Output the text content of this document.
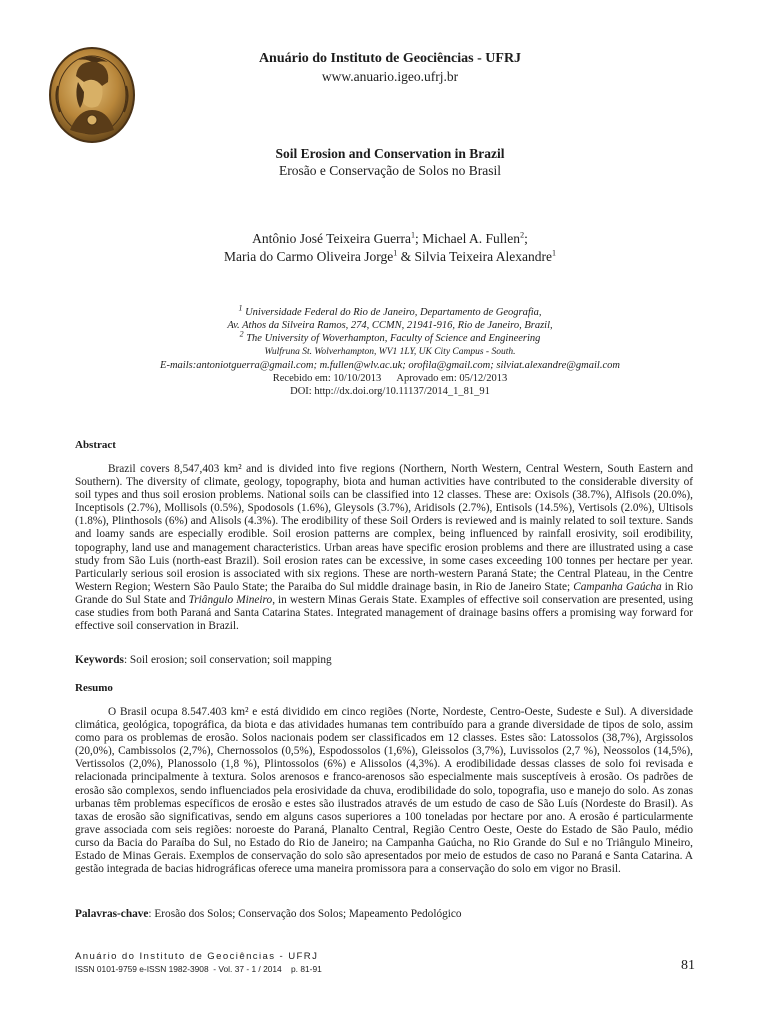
Anuário do Instituto de Geociências - UFRJ
www.anuario.igeo.ufrj.br
Soil Erosion and Conservation in Brazil
Erosão e Conservação de Solos no Brasil
Antônio José Teixeira Guerra$^1$; Michael A. Fullen$^2$;
Maria do Carmo Oliveira Jorge$^1$ & Silvia Teixeira Alexandre$^1$
$^1$ Universidade Federal do Rio de Janeiro, Departamento de Geografia,
Av. Athos da Silveira Ramos, 274, CCMN, 21941-916, Rio de Janeiro, Brazil,
$^2$ The University of Woverhampton, Faculty of Science and Engineering
Wulfruna St. Wolverhampton, WV1 1LY, UK City Campus - South.
E-mails:antoniotguerra@gmail.com; m.fullen@wlv.ac.uk; orofila@gmail.com; silviat.alexandre@gmail.com
Recebido em: 10/10/2013      Aprovado em: 05/12/2013
DOI: http://dx.doi.org/10.11137/2014_1_81_91
Abstract
Brazil covers 8,547,403 km² and is divided into five regions (Northern, North Western, Central Western, South Eastern and Southern). The diversity of climate, geology, topography, biota and human activities have contributed to the considerable diversity of soil types and thus soil erosion problems. National soils can be classified into 12 classes. These are: Oxisols (38.7%), Alfisols (20.0%), Inceptisols (2.7%), Mollisols (0.5%), Spodosols (1.6%), Gleysols (3.7%), Aridisols (2.7%), Entisols (14.5%), Vertisols (2.0%), Ultisols (1.8%), Plinthosols (6%) and Alisols (4.3%). The erodibility of these Soil Orders is reviewed and is mainly related to soil texture. Sands and loamy sands are especially erodible. Soil erosion patterns are complex, being influenced by rainfall erosivity, soil erodibility, topography, land use and management characteristics. Urban areas have specific erosion problems and there are illustrated using a case study from São Luis (north-east Brazil). Soil erosion rates can be excessive, in some cases exceeding 100 tonnes per hectare per year. Particularly serious soil erosion is associated with six regions. These are north-western Paraná State; the Central Plateau, in the Centre Western Region; Western São Paulo State; the Paraiba do Sul middle drainage basin, in Rio de Janeiro State; Campanha Gaúcha in Rio Grande do Sul State and Triângulo Mineiro, in western Minas Gerais State. Examples of effective soil conservation are presented, using case studies from both Paraná and Santa Catarina States. Integrated management of drainage basins offers a promising way forward for effective soil conservation in Brazil.
Keywords: Soil erosion; soil conservation; soil mapping
Resumo
O Brasil ocupa 8.547.403 km² e está dividido em cinco regiões (Norte, Nordeste, Centro-Oeste, Sudeste e Sul). A diversidade climática, geológica, topográfica, da biota e das atividades humanas tem contribuído para a grande diversidade de tipos de solo, assim como para os problemas de erosão. Solos nacionais podem ser classificados em 12 classes. Estes são: Latossolos (38,7%), Argissolos (20,0%), Cambissolos (2,7%), Chernossolos (0,5%), Espodossolos (1,6%), Gleissolos (3,7%), Luvissolos (2,7 %), Neossolos (14,5%), Vertissolos (2,0%), Planossolo (1,8 %), Plintossolos (6%) e Alissolos (4,3%). A erodibilidade dessas classes de solo foi revisada e relacionada principalmente à textura. Solos arenosos e franco-arenosos são especialmente mais susceptíveis à erosão. Os padrões de erosão são complexos, sendo influenciados pela erosividade da chuva, erodibilidade do solo, topografia, uso e manejo do solo. As zonas urbanas têm problemas específicos de erosão e estes são ilustrados através de um estudo de caso de São Luís (Nordeste do Brasil). As taxas de erosão são significativas, sendo em alguns casos superiores a 100 toneladas por hectare por ano. A erosão é particularmente grave associada com seis regiões: noroeste do Paraná, Planalto Central, Região Centro Oeste, Oeste do Estado de São Paulo, médio curso da Bacia do Paraíba do Sul, no Estado do Rio de Janeiro; na Campanha Gaúcha, no Rio Grande do Sul e no Triângulo Mineiro, Estado de Minas Gerais. Exemplos de conservação do solo são apresentados por meio de estudos de caso no Paraná e Santa Catarina. A gestão integrada de bacias hidrográficas oferece uma maneira promissora para a conservação do solo em vigor no Brasil.
Palavras-chave: Erosão dos Solos; Conservação dos Solos; Mapeamento Pedológico
Anuário do Instituto de Geociências - UFRJ
ISSN 0101-9759 e-ISSN 1982-3908  - Vol. 37 - 1 / 2014    p. 81-91	81
